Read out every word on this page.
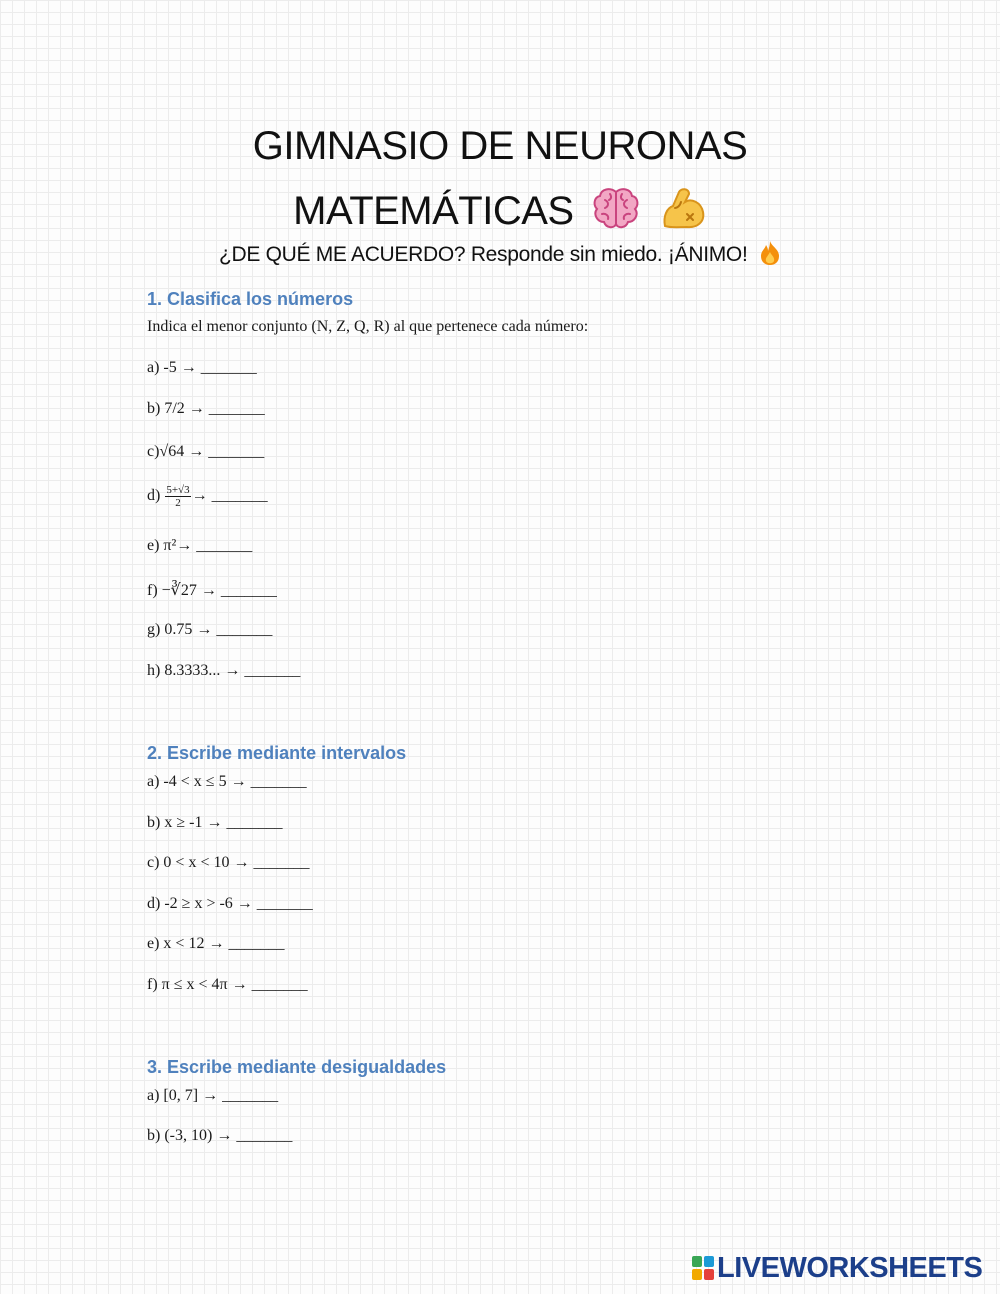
GIMNASIO DE NEURONAS
MATEMÁTICAS
¿DE QUÉ ME ACUERDO? Responde sin miedo. ¡ÁNIMO!
1. Clasifica los números
Indica el menor conjunto (N, Z, Q, R) al que pertenece cada número:
a) -5 → _______
b) 7/2 → _______
c)√64 → _______
$d) \frac{5+√3}{2}$ → _______
e) π²→ _______
f) −∛27 → _______
g) 0.75 → _______
h) 8.3333... → _______
2. Escribe mediante intervalos
a) -4 < x ≤ 5 → _______
b) x ≥ -1 → _______
c) 0 < x < 10 → _______
d) -2 ≥ x > -6 → _______
e) x < 12 → _______
f) π ≤ x < 4π → _______
3. Escribe mediante desigualdades
a) [0, 7] → _______
b) (-3, 10) → _______
LIVEWORKSHEETS
